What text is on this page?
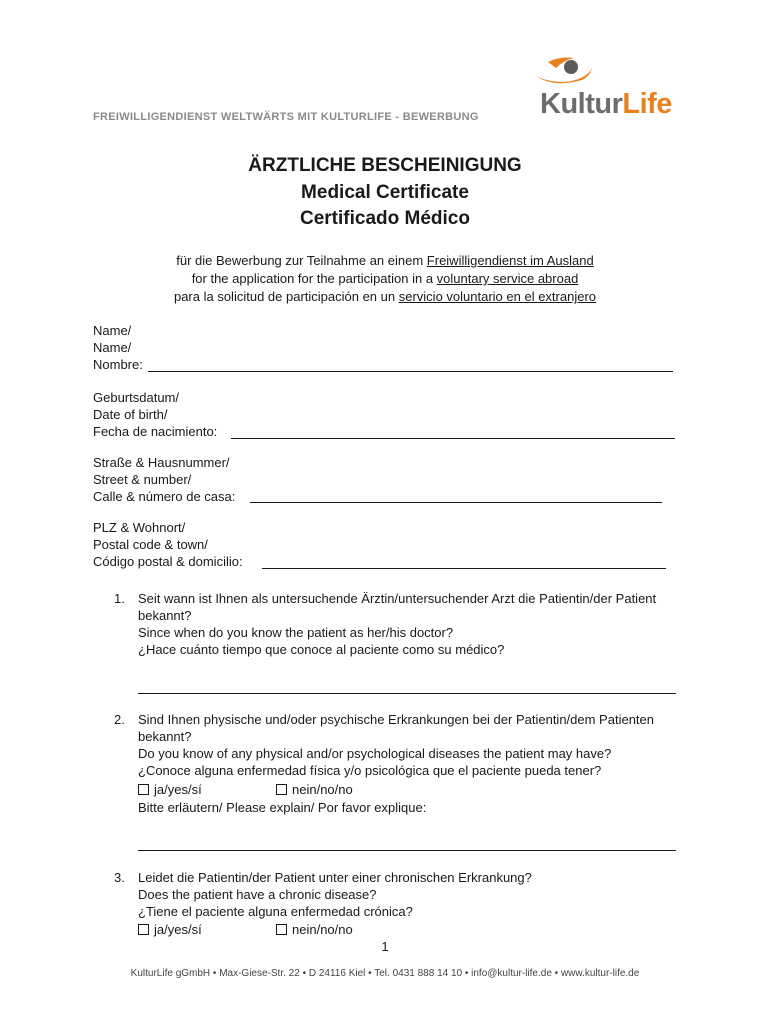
FREIWILLIGENDIENST WELTWÄRTS MIT KULTURLIFE - BEWERBUNG KulturLife
ÄRZTLICHE BESCHEINIGUNG
Medical Certificate
Certificado Médico
für die Bewerbung zur Teilnahme an einem Freiwilligendienst im Ausland
for the application for the participation in a voluntary service abroad
para la solicitud de participación en un servicio voluntario en el extranjero
Name/
Name/
Nombre:
Geburtsdatum/
Date of birth/
Fecha de nacimiento:
Straße & Hausnummer/
Street & number/
Calle & número de casa:
PLZ & Wohnort/
Postal code & town/
Código postal & domicilio:
1. Seit wann ist Ihnen als untersuchende Ärztin/untersuchender Arzt die Patientin/der Patient bekannt?
Since when do you know the patient as her/his doctor?
¿Hace cuánto tiempo que conoce al paciente como su médico?
2. Sind Ihnen physische und/oder psychische Erkrankungen bei der Patientin/dem Patienten bekannt?
Do you know of any physical and/or psychological diseases the patient may have?
¿Conoce alguna enfermedad física y/o psicológica que el paciente pueda tener?
ja/yes/sí	nein/no/no
Bitte erläutern/ Please explain/ Por favor explique:
3. Leidet die Patientin/der Patient unter einer chronischen Erkrankung?
Does the patient have a chronic disease?
¿Tiene el paciente alguna enfermedad crónica?
ja/yes/sí	nein/no/no
1
KulturLife gGmbH • Max-Giese-Str. 22 • D 24116 Kiel • Tel. 0431 888 14 10 • info@kultur-life.de • www.kultur-life.de
